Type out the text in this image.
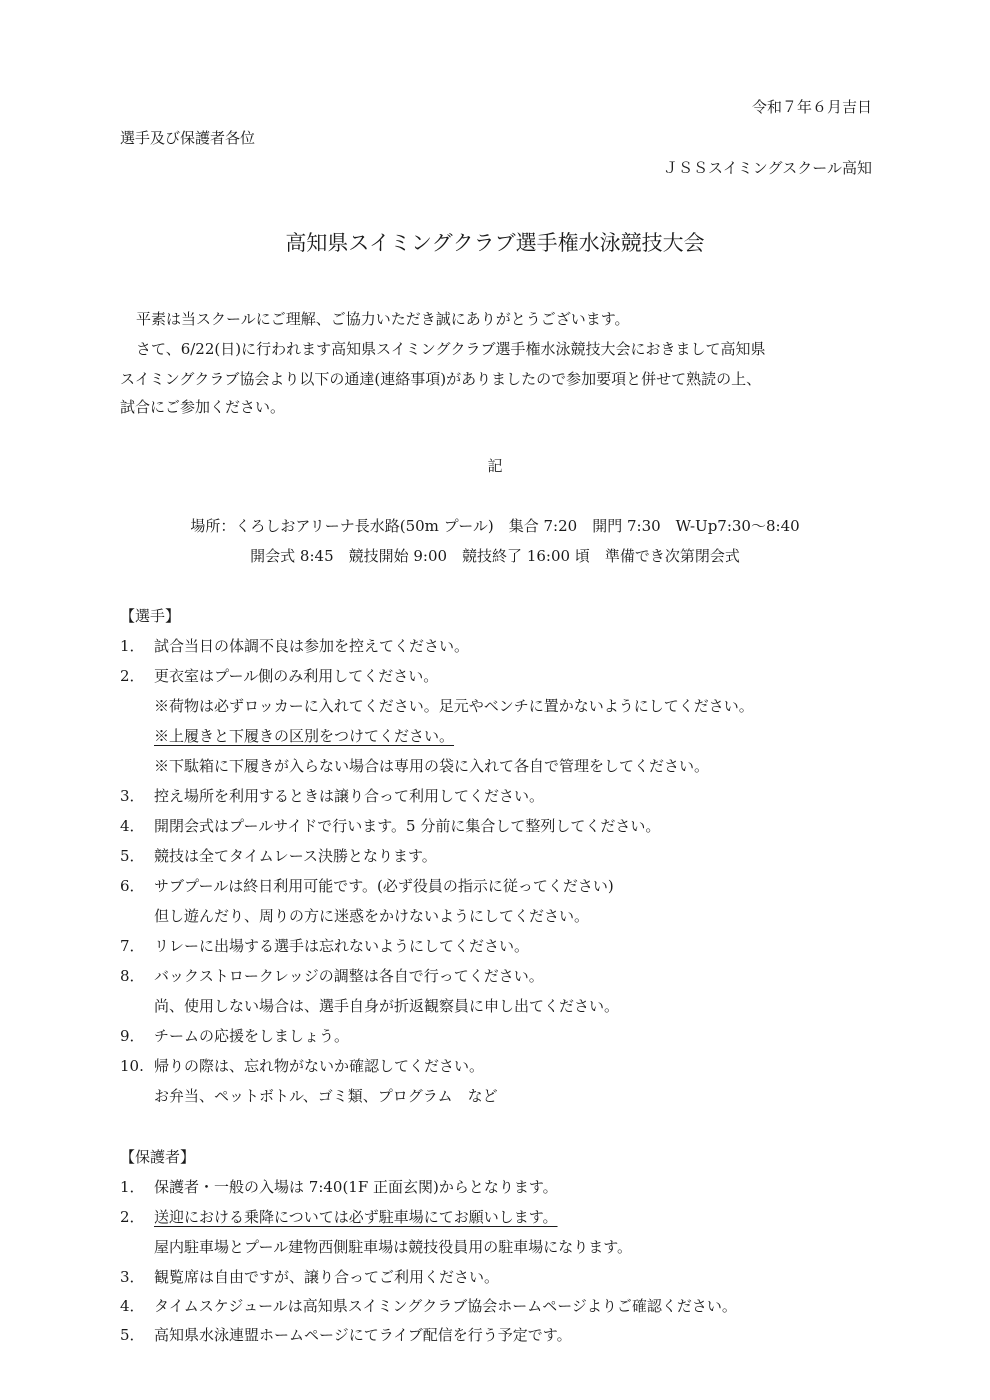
令和７年６月吉日
選手及び保護者各位
ＪＳＳスイミングスクール高知
高知県スイミングクラブ選手権水泳競技大会
平素は当スクールにご理解、ご協力いただき誠にありがとうございます。
さて、6/22(日)に行われます高知県スイミングクラブ選手権水泳競技大会におきまして高知県
スイミングクラブ協会より以下の通達(連絡事項)がありましたので参加要項と併せて熟読の上、
試合にご参加ください。
記
場所：くろしおアリーナ長水路(50m プール)　集合 7:20　開門 7:30　W-Up7:30～8:40
開会式 8:45　競技開始 9:00　競技終了 16:00 頃　準備でき次第閉会式
【選手】
1． 試合当日の体調不良は参加を控えてください。
2． 更衣室はプール側のみ利用してください。
※荷物は必ずロッカーに入れてください。足元やベンチに置かないようにしてください。
※上履きと下履きの区別をつけてください。
※下駄箱に下履きが入らない場合は専用の袋に入れて各自で管理をしてください。
3． 控え場所を利用するときは譲り合って利用してください。
4． 開閉会式はプールサイドで行います。5 分前に集合して整列してください。
5． 競技は全てタイムレース決勝となります。
6． サブプールは終日利用可能です。(必ず役員の指示に従ってください)
但し遊んだり、周りの方に迷惑をかけないようにしてください。
7． リレーに出場する選手は忘れないようにしてください。
8． バックストロークレッジの調整は各自で行ってください。
尚、使用しない場合は、選手自身が折返観察員に申し出てください。
9． チームの応援をしましょう。
10. 帰りの際は、忘れ物がないか確認してください。
お弁当、ペットボトル、ゴミ類、プログラム　など
【保護者】
1． 保護者・一般の入場は 7:40(1F 正面玄関)からとなります。
2． 送迎における乗降については必ず駐車場にてお願いします。
屋内駐車場とプール建物西側駐車場は競技役員用の駐車場になります。
3． 観覧席は自由ですが、譲り合ってご利用ください。
4． タイムスケジュールは高知県スイミングクラブ協会ホームページよりご確認ください。
5． 高知県水泳連盟ホームページにてライブ配信を行う予定です。
